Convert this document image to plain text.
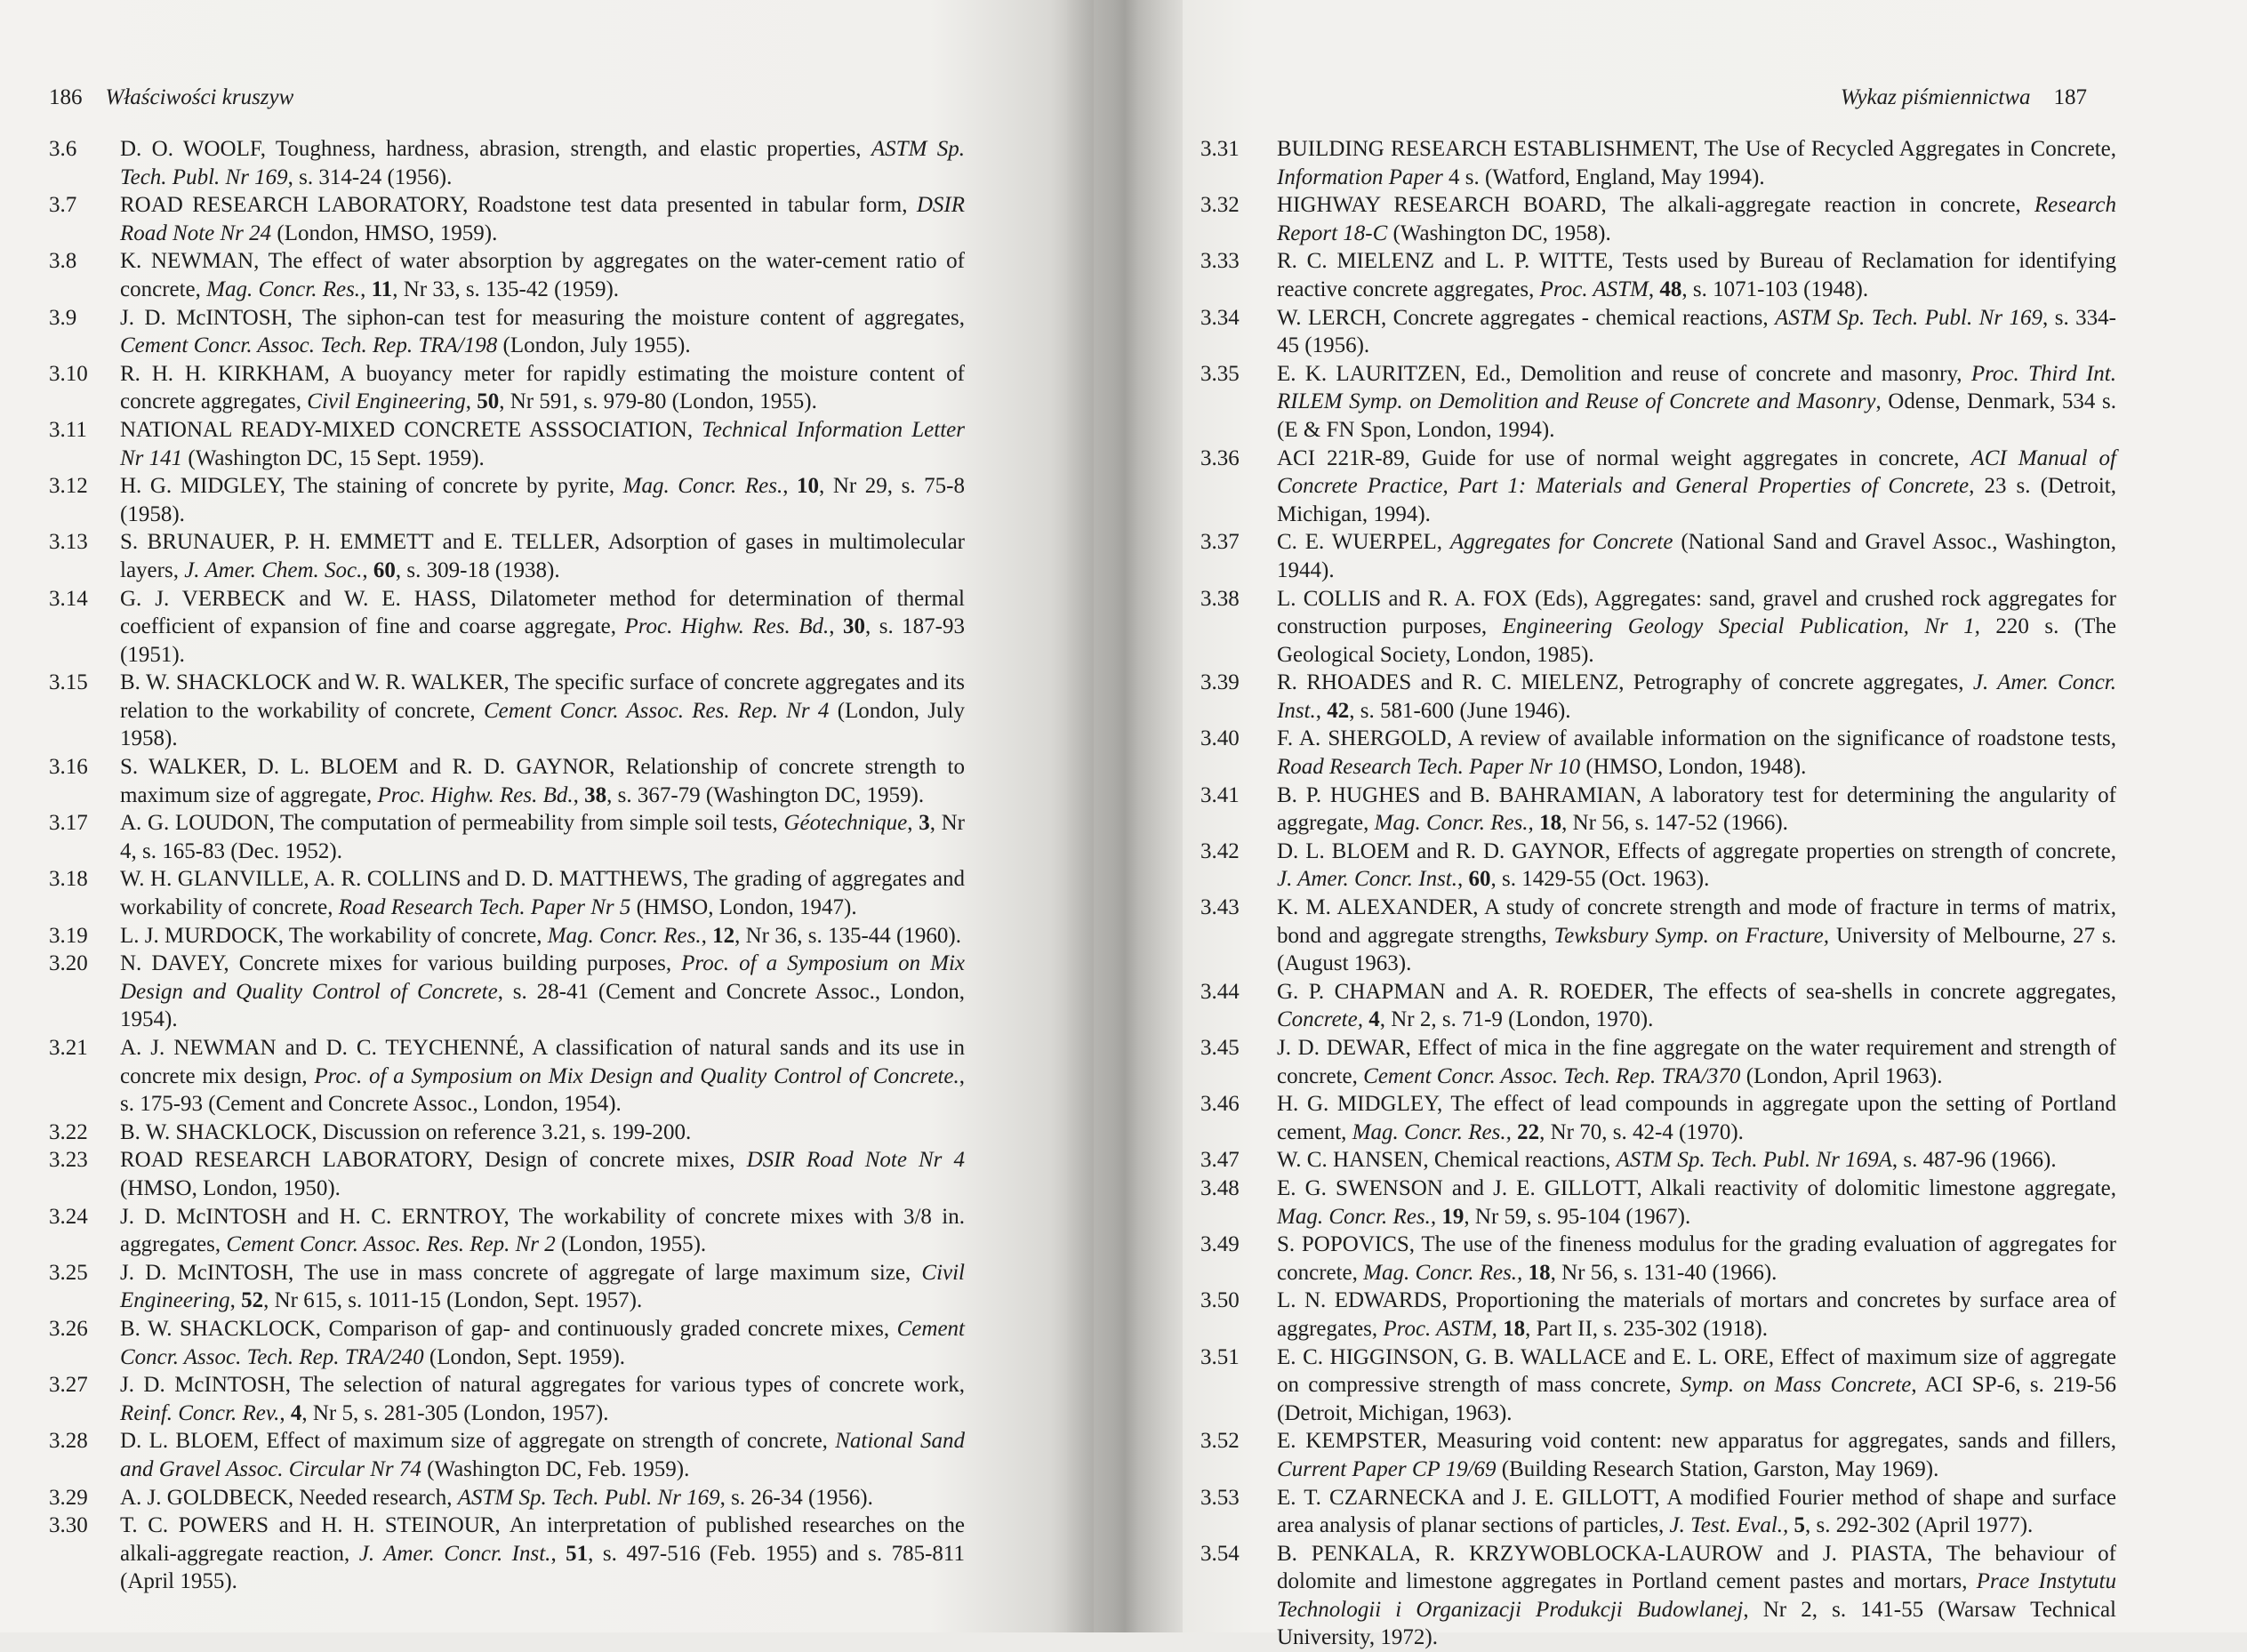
186 Właściwości kruszyw
3.6	D. O. WOOLF, Toughness, hardness, abrasion, strength, and elastic properties, ASTM Sp. Tech. Publ. Nr 169, s. 314-24 (1956).
3.7	ROAD RESEARCH LABORATORY, Roadstone test data presented in tabular form, DSIR Road Note Nr 24 (London, HMSO, 1959).
3.8	K. NEWMAN, The effect of water absorption by aggregates on the water-cement ratio of concrete, Mag. Concr. Res., 11, Nr 33, s. 135-42 (1959).
3.9	J. D. McINTOSH, The siphon-can test for measuring the moisture content of aggregates, Cement Concr. Assoc. Tech. Rep. TRA/198 (London, July 1955).
3.10	R. H. H. KIRKHAM, A buoyancy meter for rapidly estimating the moisture content of concrete aggregates, Civil Engineering, 50, Nr 591, s. 979-80 (London, 1955).
3.11	NATIONAL READY-MIXED CONCRETE ASSSOCIATION, Technical Information Letter Nr 141 (Washington DC, 15 Sept. 1959).
3.12	H. G. MIDGLEY, The staining of concrete by pyrite, Mag. Concr. Res., 10, Nr 29, s. 75-8 (1958).
3.13	S. BRUNAUER, P. H. EMMETT and E. TELLER, Adsorption of gases in multimolecular layers, J. Amer. Chem. Soc., 60, s. 309-18 (1938).
3.14	G. J. VERBECK and W. E. HASS, Dilatometer method for determination of thermal coefficient of expansion of fine and coarse aggregate, Proc. Highw. Res. Bd., 30, s. 187-93 (1951).
3.15	B. W. SHACKLOCK and W. R. WALKER, The specific surface of concrete aggregates and its relation to the workability of concrete, Cement Concr. Assoc. Res. Rep. Nr 4 (London, July 1958).
3.16	S. WALKER, D. L. BLOEM and R. D. GAYNOR, Relationship of concrete strength to maximum size of aggregate, Proc. Highw. Res. Bd., 38, s. 367-79 (Washington DC, 1959).
3.17	A. G. LOUDON, The computation of permeability from simple soil tests, Géotechnique, 3, Nr 4, s. 165-83 (Dec. 1952).
3.18	W. H. GLANVILLE, A. R. COLLINS and D. D. MATTHEWS, The grading of aggregates and workability of concrete, Road Research Tech. Paper Nr 5 (HMSO, London, 1947).
3.19	L. J. MURDOCK, The workability of concrete, Mag. Concr. Res., 12, Nr 36, s. 135-44 (1960).
3.20	N. DAVEY, Concrete mixes for various building purposes, Proc. of a Symposium on Mix Design and Quality Control of Concrete, s. 28-41 (Cement and Concrete Assoc., London, 1954).
3.21	A. J. NEWMAN and D. C. TEYCHENNÉ, A classification of natural sands and its use in concrete mix design, Proc. of a Symposium on Mix Design and Quality Control of Concrete., s. 175-93 (Cement and Concrete Assoc., London, 1954).
3.22	B. W. SHACKLOCK, Discussion on reference 3.21, s. 199-200.
3.23	ROAD RESEARCH LABORATORY, Design of concrete mixes, DSIR Road Note Nr 4 (HMSO, London, 1950).
3.24	J. D. McINTOSH and H. C. ERNTROY, The workability of concrete mixes with 3/8 in. aggregates, Cement Concr. Assoc. Res. Rep. Nr 2 (London, 1955).
3.25	J. D. McINTOSH, The use in mass concrete of aggregate of large maximum size, Civil Engineering, 52, Nr 615, s. 1011-15 (London, Sept. 1957).
3.26	B. W. SHACKLOCK, Comparison of gap- and continuously graded concrete mixes, Cement Concr. Assoc. Tech. Rep. TRA/240 (London, Sept. 1959).
3.27	J. D. McINTOSH, The selection of natural aggregates for various types of concrete work, Reinf. Concr. Rev., 4, Nr 5, s. 281-305 (London, 1957).
3.28	D. L. BLOEM, Effect of maximum size of aggregate on strength of concrete, National Sand and Gravel Assoc. Circular Nr 74 (Washington DC, Feb. 1959).
3.29	A. J. GOLDBECK, Needed research, ASTM Sp. Tech. Publ. Nr 169, s. 26-34 (1956).
3.30	T. C. POWERS and H. H. STEINOUR, An interpretation of published researches on the alkali-aggregate reaction, J. Amer. Concr. Inst., 51, s. 497-516 (Feb. 1955) and s. 785-811 (April 1955).
Wykaz piśmiennictwa 187
3.31	BUILDING RESEARCH ESTABLISHMENT, The Use of Recycled Aggregates in Concrete, Information Paper 4 s. (Watford, England, May 1994).
3.32	HIGHWAY RESEARCH BOARD, The alkali-aggregate reaction in concrete, Research Report 18-C (Washington DC, 1958).
3.33	R. C. MIELENZ and L. P. WITTE, Tests used by Bureau of Reclamation for identifying reactive concrete aggregates, Proc. ASTM, 48, s. 1071-103 (1948).
3.34	W. LERCH, Concrete aggregates - chemical reactions, ASTM Sp. Tech. Publ. Nr 169, s. 334-45 (1956).
3.35	E. K. LAURITZEN, Ed., Demolition and reuse of concrete and masonry, Proc. Third Int. RILEM Symp. on Demolition and Reuse of Concrete and Masonry, Odense, Denmark, 534 s. (E & FN Spon, London, 1994).
3.36	ACI 221R-89, Guide for use of normal weight aggregates in concrete, ACI Manual of Concrete Practice, Part 1: Materials and General Properties of Concrete, 23 s. (Detroit, Michigan, 1994).
3.37	C. E. WUERPEL, Aggregates for Concrete (National Sand and Gravel Assoc., Washington, 1944).
3.38	L. COLLIS and R. A. FOX (Eds), Aggregates: sand, gravel and crushed rock aggregates for construction purposes, Engineering Geology Special Publication, Nr 1, 220 s. (The Geological Society, London, 1985).
3.39	R. RHOADES and R. C. MIELENZ, Petrography of concrete aggregates, J. Amer. Concr. Inst., 42, s. 581-600 (June 1946).
3.40	F. A. SHERGOLD, A review of available information on the significance of roadstone tests, Road Research Tech. Paper Nr 10 (HMSO, London, 1948).
3.41	B. P. HUGHES and B. BAHRAMIAN, A laboratory test for determining the angularity of aggregate, Mag. Concr. Res., 18, Nr 56, s. 147-52 (1966).
3.42	D. L. BLOEM and R. D. GAYNOR, Effects of aggregate properties on strength of concrete, J. Amer. Concr. Inst., 60, s. 1429-55 (Oct. 1963).
3.43	K. M. ALEXANDER, A study of concrete strength and mode of fracture in terms of matrix, bond and aggregate strengths, Tewksbury Symp. on Fracture, University of Melbourne, 27 s. (August 1963).
3.44	G. P. CHAPMAN and A. R. ROEDER, The effects of sea-shells in concrete aggregates, Concrete, 4, Nr 2, s. 71-9 (London, 1970).
3.45	J. D. DEWAR, Effect of mica in the fine aggregate on the water requirement and strength of concrete, Cement Concr. Assoc. Tech. Rep. TRA/370 (London, April 1963).
3.46	H. G. MIDGLEY, The effect of lead compounds in aggregate upon the setting of Portland cement, Mag. Concr. Res., 22, Nr 70, s. 42-4 (1970).
3.47	W. C. HANSEN, Chemical reactions, ASTM Sp. Tech. Publ. Nr 169A, s. 487-96 (1966).
3.48	E. G. SWENSON and J. E. GILLOTT, Alkali reactivity of dolomitic limestone aggregate, Mag. Concr. Res., 19, Nr 59, s. 95-104 (1967).
3.49	S. POPOVICS, The use of the fineness modulus for the grading evaluation of aggregates for concrete, Mag. Concr. Res., 18, Nr 56, s. 131-40 (1966).
3.50	L. N. EDWARDS, Proportioning the materials of mortars and concretes by surface area of aggregates, Proc. ASTM, 18, Part II, s. 235-302 (1918).
3.51	E. C. HIGGINSON, G. B. WALLACE and E. L. ORE, Effect of maximum size of aggregate on compressive strength of mass concrete, Symp. on Mass Concrete, ACI SP-6, s. 219-56 (Detroit, Michigan, 1963).
3.52	E. KEMPSTER, Measuring void content: new apparatus for aggregates, sands and fillers, Current Paper CP 19/69 (Building Research Station, Garston, May 1969).
3.53	E. T. CZARNECKA and J. E. GILLOTT, A modified Fourier method of shape and surface area analysis of planar sections of particles, J. Test. Eval., 5, s. 292-302 (April 1977).
3.54	B. PENKALA, R. KRZYWOBLOCKA-LAUROW and J. PIASTA, The behaviour of dolomite and limestone aggregates in Portland cement pastes and mortars, Prace Instytutu Technologii i Organizacji Produkcji Budowlanej, Nr 2, s. 141-55 (Warsaw Technical University, 1972).
